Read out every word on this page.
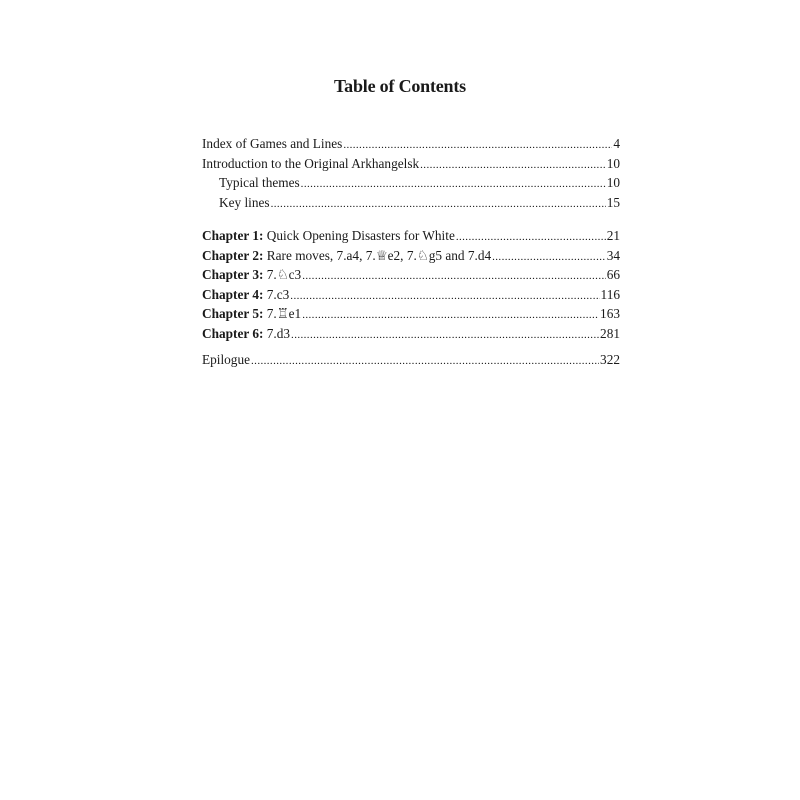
Table of Contents
Index of Games and Lines .....	4
Introduction to the Original Arkhangelsk .....	10
Typical themes .....	10
Key lines .....	15
Chapter 1: Quick Opening Disasters for White .....	21
Chapter 2: Rare moves, 7.a4, 7.♕e2, 7.♘g5 and 7.d4 .....	34
Chapter 3: 7.♘c3 .....	66
Chapter 4: 7.c3 .....	116
Chapter 5: 7.♖e1 .....	163
Chapter 6: 7.d3 .....	281
Epilogue .....	322
